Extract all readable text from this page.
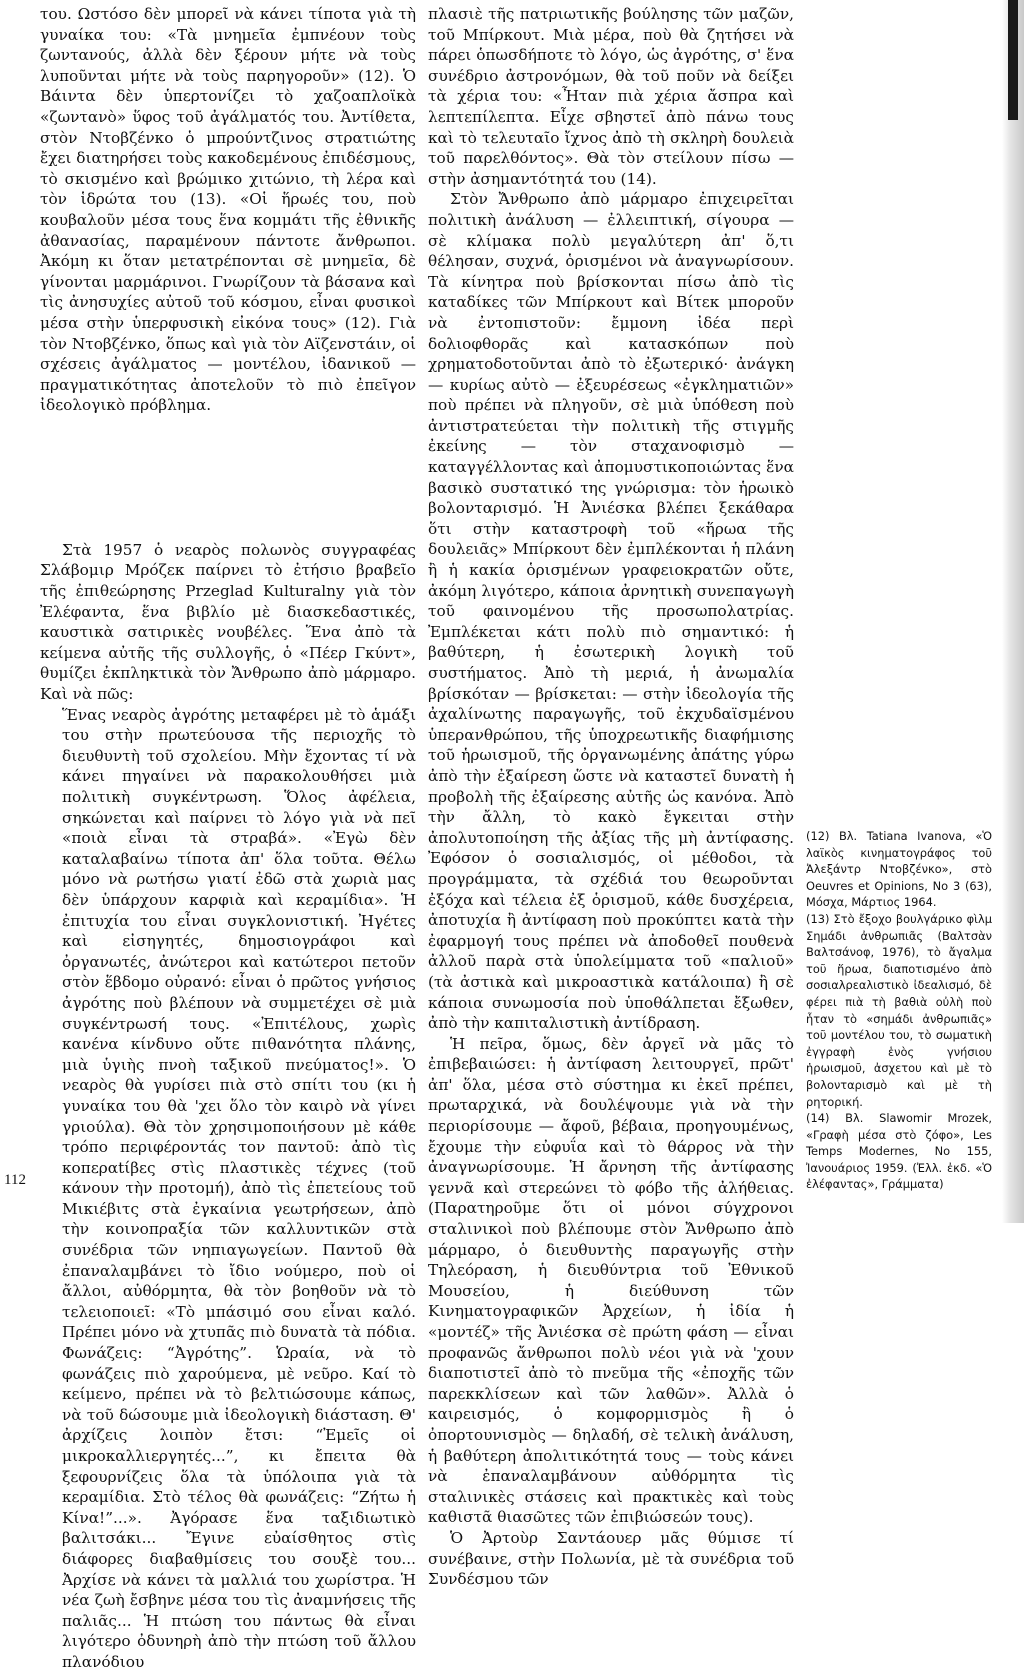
του. Ωστόσο δὲν μπορεῖ νὰ κάνει τίποτα γιὰ τὴ γυναίκα του: «Τὰ μνημεῖα ἐμπνέουν τοὺς ζωντανούς, ἀλλὰ δὲν ξέρουν μήτε νὰ τοὺς λυποῦνται μήτε νὰ τοὺς παρηγοροῦν» (12). Ὁ Βάιντα δὲν ὑπερτονίζει τὸ χαζοαπλοϊκὰ «ζωντανὸ» ὕφος τοῦ ἀγάλματός του. Ἀντίθετα, στὸν Ντοβζένκο ὁ μπρούντζινος στρατιώτης ἔχει διατηρήσει τοὺς κακοδεμένους ἐπιδέσμους, τὸ σκισμένο καὶ βρώμικο χιτώνιο, τὴ λέρα καὶ τὸν ἱδρώτα του (13). «Οἱ ἥρωές του, ποὺ κουβαλοῦν μέσα τους ἕνα κομμάτι τῆς ἐθνικῆς ἀθανασίας, παραμένουν πάντοτε ἄνθρωποι. Ἀκόμη κι ὅταν μετατρέπονται σὲ μνημεῖα, δὲ γίνονται μαρμάρινοι. Γνωρίζουν τὰ βάσανα καὶ τὶς ἀνησυχίες αὐτοῦ τοῦ κόσμου, εἶναι φυσικοὶ μέσα στὴν ὑπερφυσικὴ εἰκόνα τους» (12). Γιὰ τὸν Ντοβζένκο, ὅπως καὶ γιὰ τὸν Αϊζενστάιν, οἱ σχέσεις ἀγάλματος — μοντέλου, ἰδανικοῦ — πραγματικότητας ἀποτελοῦν τὸ πιὸ ἐπεῖγον ἰδεολογικὸ πρόβλημα.

Στὰ 1957 ὁ νεαρὸς πολωνὸς συγγραφέας Σλάβομιρ Μρόζεκ παίρνει τὸ ἐτήσιο βραβεῖο τῆς ἐπιθεώρησης Przeglad Kulturalny γιὰ τὸν Ἐλέφαντα, ἕνα βιβλίο μὲ διασκεδαστικές, καυστικὰ σατιρικὲς νουβέλες. Ἕνα ἀπὸ τὰ κείμενα αὐτῆς τῆς συλλογῆς, ὁ «Πέερ Γκύντ», θυμίζει ἐκπληκτικὰ τὸν Ἄνθρωπο ἀπὸ μάρμαρο. Καὶ νὰ πῶς:

Ἕνας νεαρὸς ἀγρότης μεταφέρει μὲ τὸ ἁμάξι του στὴν πρωτεύουσα τῆς περιοχῆς τὸ διευθυντὴ τοῦ σχολείου. Μὴν ἔχοντας τί νὰ κάνει πηγαίνει νὰ παρακολουθήσει μιὰ πολιτικὴ συγκέντρωση. Ὅλος ἀφέλεια, σηκώνεται καὶ παίρνει τὸ λόγο γιὰ νὰ πεῖ «ποιὰ εἶναι τὰ στραβά». «Ἐγὼ δὲν καταλαβαίνω τίποτα ἀπ' ὅλα τοῦτα. Θέλω μόνο νὰ ρωτήσω γιατί ἐδῶ στὰ χωριὰ μας δὲν ὑπάρχουν καρφιὰ καὶ κεραμίδια». Ἡ ἐπιτυχία του εἶναι συγκλονιστική. Ἠγέτες καὶ εἰσηγητές, δημοσιογράφοι καὶ ὀργανωτές, ἀνώτεροι καὶ κατώτεροι πετοῦν στὸν ἕβδομο οὐρανό: εἶναι ὁ πρῶτος γνήσιος ἀγρότης ποὺ βλέπουν νὰ συμμετέχει σὲ μιὰ συγκέντρωσή τους. «Ἐπιτέλους, χωρὶς κανένα κίνδυνο οὔτε πιθανότητα πλάνης, μιὰ ὑγιὴς πνοὴ ταξικοῦ πνεύματος!». Ὁ νεαρὸς θὰ γυρίσει πιὰ στὸ σπίτι του (κι ἡ γυναίκα του θὰ 'χει ὅλο τὸν καιρὸ νὰ γίνει γριούλα). Θὰ τὸν χρησιμοποιήσουν μὲ κάθε τρόπο περιφέροντάς τον παντοῦ: ἀπὸ τὶς κοπεραtίβες στὶς πλαστικὲς τέχνες (τοῦ κάνουν τὴν προτομή), ἀπὸ τὶς ἐπετείους τοῦ Μικιέβιτς στὰ ἐγκαίνια γεωτρήσεων, ἀπὸ τὴν κοινοπραξία τῶν καλλυντικῶν στὰ συνέδρια τῶν νηπιαγωγείων. Παντοῦ θὰ ἐπαναλαμβάνει τὸ ἴδιο νούμερο, ποὺ οἱ ἄλλοι, αὐθόρμητα, θὰ τὸν βοηθοῦν νὰ τὸ τελειοποιεῖ: «Τὸ μπάσιμό σου εἶναι καλό. Πρέπει μόνο νὰ χτυπᾶς πιὸ δυνατὰ τὰ πόδια. Φωνάζεις: “Ἀγρότης”. Ὡραία, νὰ τὸ φωνάζεις πιὸ χαρούμενα, μὲ νεῦρο. Καί τὸ κείμενο, πρέπει νὰ τὸ βελτιώσουμε κάπως, νὰ τοῦ δώσουμε μιὰ ἰδεολογικὴ διάσταση. Θ' ἀρχίζεις λοιπὸν ἔτσι: “Ἐμεῖς οἱ μικροκαλλιεργητές...”, κι ἔπειτα θὰ ξεφουρνίζεις ὅλα τὰ ὑπόλοιπα γιὰ τὰ κεραμίδια. Στὸ τέλος θὰ φωνάζεις: “Ζήτω ἡ Κίνα!”...». Ἀγόρασε ἕνα ταξιδιωτικὸ βαλιτσάκι... Ἔγινε εὐαίσθητος στὶς διάφορες διαβαθμίσεις του σουξὲ του... Ἀρχίσε νὰ κάνει τὰ μαλλιά του χωρίστρα. Ἡ νέα ζωὴ ἔσβηνε μέσα του τὶς ἀναμνήσεις τῆς παλιᾶς... Ἡ πτώση του πάντως θὰ εἶναι λιγότερο ὀδυνηρὴ ἀπὸ τὴν πτώση τοῦ ἄλλου πλανόδιου

πλασιὲ τῆς πατριωτικῆς βούλησης τῶν μαζῶν, τοῦ Μπίρκουτ. Μιὰ μέρα, ποὺ θὰ ζητήσει νὰ πάρει ὁπωσδήποτε τὸ λόγο, ὡς ἀγρότης, σ' ἕνα συνέδριο ἀστρονόμων, θὰ τοῦ ποῦν νὰ δείξει τὰ χέρια του: «Ἦταν πιὰ χέρια ἄσπρα καὶ λεπτεπίλεπτα. Εἶχε σβηστεῖ ἀπὸ πάνω τους καὶ τὸ τελευταῖο ἴχνος ἀπὸ τὴ σκληρὴ δουλειὰ τοῦ παρελθόντος». Θὰ τὸν στείλουν πίσω — στὴν ἀσημαντότητά του (14).

Στὸν Ἄνθρωπο ἀπὸ μάρμαρο ἐπιχειρεῖται πολιτικὴ ἀνάλυση — ἐλλειπτική, σίγουρα — σὲ κλίμακα πολὺ μεγαλύτερη ἀπ' ὅ,τι θέλησαν, συχνά, ὁρισμένοι νὰ ἀναγνωρίσουν. Τὰ κίνητρα ποὺ βρίσκονται πίσω ἀπὸ τὶς καταδίκες τῶν Μπίρκουτ καὶ Βίτεκ μποροῦν νὰ ἐντοπιστοῦν: ἔμμονη ἰδέα περὶ δολιοφθορᾶς καὶ κατασκόπων ποὺ χρηματοδοτοῦνται ἀπὸ τὸ ἐξωτερικό· ἀνάγκη — κυρίως αὐτὸ — ἐξευρέσεως «ἐγκληματιῶν» ποὺ πρέπει νὰ πληγοῦν, σὲ μιὰ ὑπόθεση ποὺ ἀντιστρατεύεται τὴν πολιτικὴ τῆς στιγμῆς ἐκείνης — τὸν σταχανοφισμὸ — καταγγέλλοντας καὶ ἀπομυστικοποιώντας ἕνα βασικὸ συστατικό της γνώρισμα: τὸν ἡρωικὸ βολονταρισμό. Ἡ Ἀνιέσκα βλέπει ξεκάθαρα ὅτι στὴν καταστροφὴ τοῦ «ἥρωα τῆς δουλειᾶς» Μπίρκουτ δὲν ἐμπλέκονται ἡ πλάνη ἢ ἡ κακία ὁρισμένων γραφειοκρατῶν οὔτε, ἀκόμη λιγότερο, κάποια ἀρνητικὴ συνεπαγωγὴ τοῦ φαινομένου τῆς προσωπολατρίας. Ἐμπλέκεται κάτι πολὺ πιὸ σημαντικό: ἡ βαθύτερη, ἡ ἐσωτερικὴ λογικὴ τοῦ συστήματος. Ἀπὸ τὴ μεριά, ἡ ἀνωμαλία βρίσκόταν — βρίσκεται: — στὴν ἰδεολογία τῆς ἀχαλίνωτης παραγωγῆς, τοῦ ἐκχυδαϊσμένου ὑπερανθρώπου, τῆς ὑποχρεωτικῆς διαφήμισης τοῦ ἡρωισμοῦ, τῆς ὀργανωμένης ἀπάτης γύρω ἀπὸ τὴν ἐξαίρεση ὥστε νὰ καταστεῖ δυνατὴ ἡ προβολὴ τῆς ἐξαίρεσης αὐτῆς ὡς κανόνα. Ἀπὸ τὴν ἄλλη, τὸ κακὸ ἔγκειται στὴν ἀπολυτοποίηση τῆς ἀξίας τῆς μὴ ἀντίφασης. Ἐφόσον ὁ σοσιαλισμός, οἱ μέθοδοι, τὰ προγράμματα, τὰ σχέδιά του θεωροῦνται ἐξόχα καὶ τέλεια ἐξ ὁρισμοῦ, κάθε δυσχέρεια, ἀποτυχία ἢ ἀντίφαση ποὺ προκύπτει κατὰ τὴν ἐφαρμογή τους πρέπει νὰ ἀποδοθεῖ πουθενὰ ἀλλοῦ παρὰ στὰ ὑπολείμματα τοῦ «παλιοῦ» (τὰ ἀστικὰ καὶ μικροαστικὰ κατάλοιπα) ἢ σὲ κάποια συνωμοσία ποὺ ὑποθάλπεται ἔξωθεν, ἀπὸ τὴν καπιταλιστικὴ ἀντίδραση.

Ἡ πεῖρα, ὅμως, δὲν ἀργεῖ νὰ μᾶς τὸ ἐπιβεβαιώσει: ἡ ἀντίφαση λειτουργεῖ, πρῶτ' ἀπ' ὅλα, μέσα στὸ σύστημα κι ἐκεῖ πρέπει, πρωταρχικά, νὰ δουλέψουμε γιὰ νὰ τὴν περιορίσουμε — ἄφοῦ, βέβαια, προηγουμένως, ἔχουμε τὴν εὐφυΐα καὶ τὸ θάρρος νὰ τὴν ἀναγνωρίσουμε. Ἡ ἄρνηση τῆς ἀντίφασης γεννᾶ καὶ στερεώνει τὸ φόβο τῆς ἀλήθειας. (Παρατηροῦμε ὅτι οἱ μόνοι σύγχρονοι σταλινικοὶ ποὺ βλέπουμε στὸν Ἄνθρωπο ἀπὸ μάρμαρο, ὁ διευθυντὴς παραγωγῆς στὴν Τηλεόραση, ἡ διευθύντρια τοῦ Ἐθνικοῦ Μουσείου, ἡ διεύθυνση τῶν Κινηματογραφικῶν Ἀρχείων, ἡ ἰδία ἡ «μοντέζ» τῆς Ἀνιέσκα σὲ πρώτη φάση — εἶναι προφανῶς ἄνθρωποι πολὺ νέοι γιὰ νὰ 'χουν διαποτιστεῖ ἀπὸ τὸ πνεῦμα τῆς «ἐποχῆς τῶν παρεκκλίσεων καὶ τῶν λαθῶν». Ἀλλὰ ὁ καιρεισμός, ὁ κομφορμισμὸς ἢ ὁ ὀπορτουνισμὸς — δηλαδή, σὲ τελικὴ ἀνάλυση, ἡ βαθύτερη ἀπολιτικότητά τους — τοὺς κάνει νὰ ἐπαναλαμβάνουν αὐθόρμητα τὶς σταλινικὲς στάσεις καὶ πρακτικὲς καὶ τοὺς καθιστᾶ θιασῶτες τῶν ἐπιβιώσεών τους).

Ὁ Ἀρτοὺρ Σαντάουερ μᾶς θύμισε τί συνέβαινε, στὴν Πολωνία, μὲ τὰ συνέδρια τοῦ Συνδέσμου τῶν

(12) Βλ. Tatiana Ivanova, «Ὁ λαϊκὸς κινηματογράφος τοῦ Ἀλεξάντρ Ντοβζένκο», στὸ Oeuvres et Opinions, No 3 (63), Μόσχα, Μάρτιος 1964.

(13) Στὸ ἔξοχο βουλγάρικο φὶλμ Σημάδι ἀνθρωπιᾶς (Βαλτσὰν Βαλτσάνοφ, 1976), τὸ ἄγαλμα τοῦ ἥρωα, διαποτισμένο ἀπὸ σοσιαλρεαλιστικὸ ἰδεαλισμό, δὲ φέρει πιὰ τὴ βαθιὰ οὐλὴ ποὺ ἦταν τὸ «σημάδι ἀνθρωπιᾶς» τοῦ μοντέλου του, τὸ σωματικὴ ἐγγραφὴ ἑνὸς γνήσιου ἡρωισμοῦ, ἀσχετου καὶ μὲ τὸ βολονταρισμὸ καὶ μὲ τὴ ρητορική.

(14) Βλ. Slawomir Mrozek, «Γραφὴ μέσα στὸ ζόφο», Les Temps Modernes, No 155, Ἰανουάριος 1959. (Ἐλλ. ἐκδ. «Ὁ ἐλέφαντας», Γράμματα)

112
